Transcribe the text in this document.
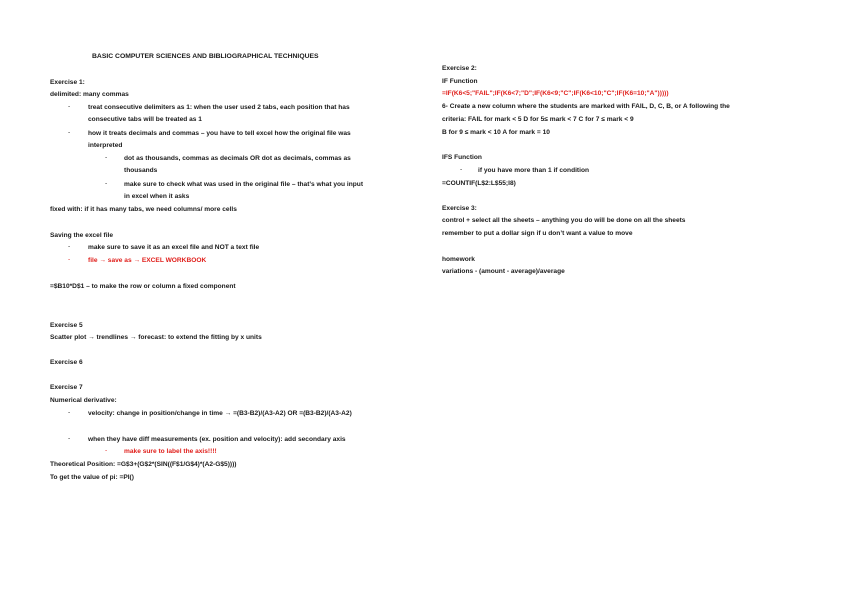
BASIC COMPUTER SCIENCES AND BIBLIOGRAPHICAL TECHNIQUES
Exercise 1:
delimited: many commas
-	treat consecutive delimiters as 1: when the user used 2 tabs, each position that has
consecutive tabs will be treated as 1
-	how it treats decimals and commas – you have to tell excel how the original file was
interpreted
-	dot as thousands, commas as decimals OR dot as decimals, commas as
thousands
-	make sure to check what was used in the original file – that’s what you input
in excel when it asks
fixed with: if it has many tabs, we need columns/ more cells
Saving the excel file
-	make sure to save it as an excel file and NOT a text file
-	file → save as → EXCEL WORKBOOK
=$B10*D$1 – to make the row or column a fixed component
Exercise 5
Scatter plot → trendlines → forecast: to extend the fitting by x units
Exercise 6
Exercise 7
Numerical derivative:
-	velocity: change in position/change in time → =(B3-B2)/(A3-A2) OR =(B3-B2)/(A3-A2)
-	when they have diff measurements (ex. position and velocity): add secondary axis
-	make sure to label the axis!!!!
Theoretical Position: =G$3+(G$2*(SIN((F$1/G$4)*(A2-G$5))))
To get the value of pi: =PI()
Exercise 2:
IF Function
=IF(K6<5;"FAIL";IF(K6<7;"D";IF(K6<9;"C";IF(K6<10;"C";IF(K6=10;"A")))))
6- Create a new column where the students are marked with FAIL, D, C, B, or A following the
criteria: FAIL for mark < 5 D for 5≤ mark < 7 C for 7 ≤ mark < 9
B for 9 ≤ mark < 10 A for mark = 10
IFS Function
- if you have more than 1 if condition
=COUNTIF(L$2:L$55;I8)
Exercise 3:
control + select all the sheets – anything you do will be done on all the sheets
remember to put a dollar sign if u don’t want a value to move
homework
variations - (amount - average)/average
